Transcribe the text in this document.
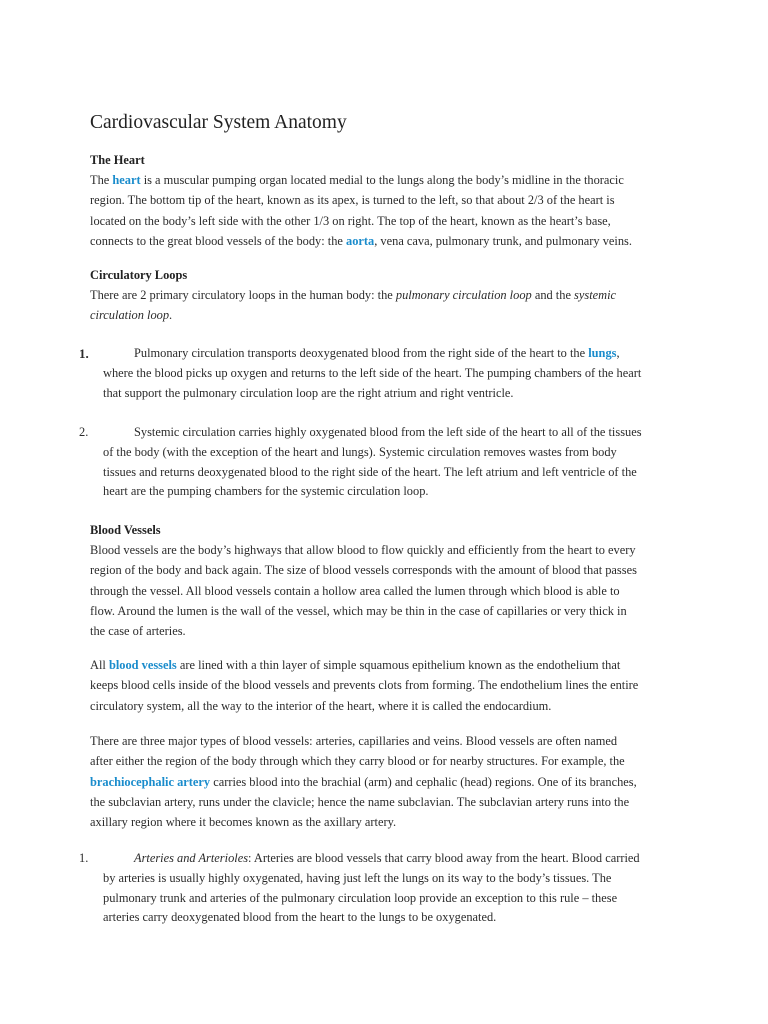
Cardiovascular System Anatomy
The Heart

The heart is a muscular pumping organ located medial to the lungs along the body’s midline in the thoracic
region. The bottom tip of the heart, known as its apex, is turned to the left, so that about 2/3 of the heart is
located on the body’s left side with the other 1/3 on right. The top of the heart, known as the heart’s base,
connects to the great blood vessels of the body: the aorta, vena cava, pulmonary trunk, and pulmonary veins.

Circulatory Loops

There are 2 primary circulatory loops in the human body: the pulmonary circulation loop and the systemic
circulation loop.

1.	Pulmonary circulation transports deoxygenated blood from the right side of the heart to the lungs,
where the blood picks up oxygen and returns to the left side of the heart. The pumping chambers of the heart
that support the pulmonary circulation loop are the right atrium and right ventricle.
2.	Systemic circulation carries highly oxygenated blood from the left side of the heart to all of the tissues
of the body (with the exception of the heart and lungs). Systemic circulation removes wastes from body
tissues and returns deoxygenated blood to the right side of the heart. The left atrium and left ventricle of the
heart are the pumping chambers for the systemic circulation loop.
Blood Vessels

Blood vessels are the body’s highways that allow blood to flow quickly and efficiently from the heart to every
region of the body and back again. The size of blood vessels corresponds with the amount of blood that passes
through the vessel. All blood vessels contain a hollow area called the lumen through which blood is able to
flow. Around the lumen is the wall of the vessel, which may be thin in the case of capillaries or very thick in
the case of arteries.

All blood vessels are lined with a thin layer of simple squamous epithelium known as the endothelium that
keeps blood cells inside of the blood vessels and prevents clots from forming. The endothelium lines the entire
circulatory system, all the way to the interior of the heart, where it is called the endocardium.

There are three major types of blood vessels: arteries, capillaries and veins. Blood vessels are often named
after either the region of the body through which they carry blood or for nearby structures. For example, the
brachiocephalic artery carries blood into the brachial (arm) and cephalic (head) regions. One of its branches,
the subclavian artery, runs under the clavicle; hence the name subclavian. The subclavian artery runs into the
axillary region where it becomes known as the axillary artery.

1.	Arteries and Arterioles: Arteries are blood vessels that carry blood away from the heart. Blood carried
by arteries is usually highly oxygenated, having just left the lungs on its way to the body’s tissues. The
pulmonary trunk and arteries of the pulmonary circulation loop provide an exception to this rule – these
arteries carry deoxygenated blood from the heart to the lungs to be oxygenated.
